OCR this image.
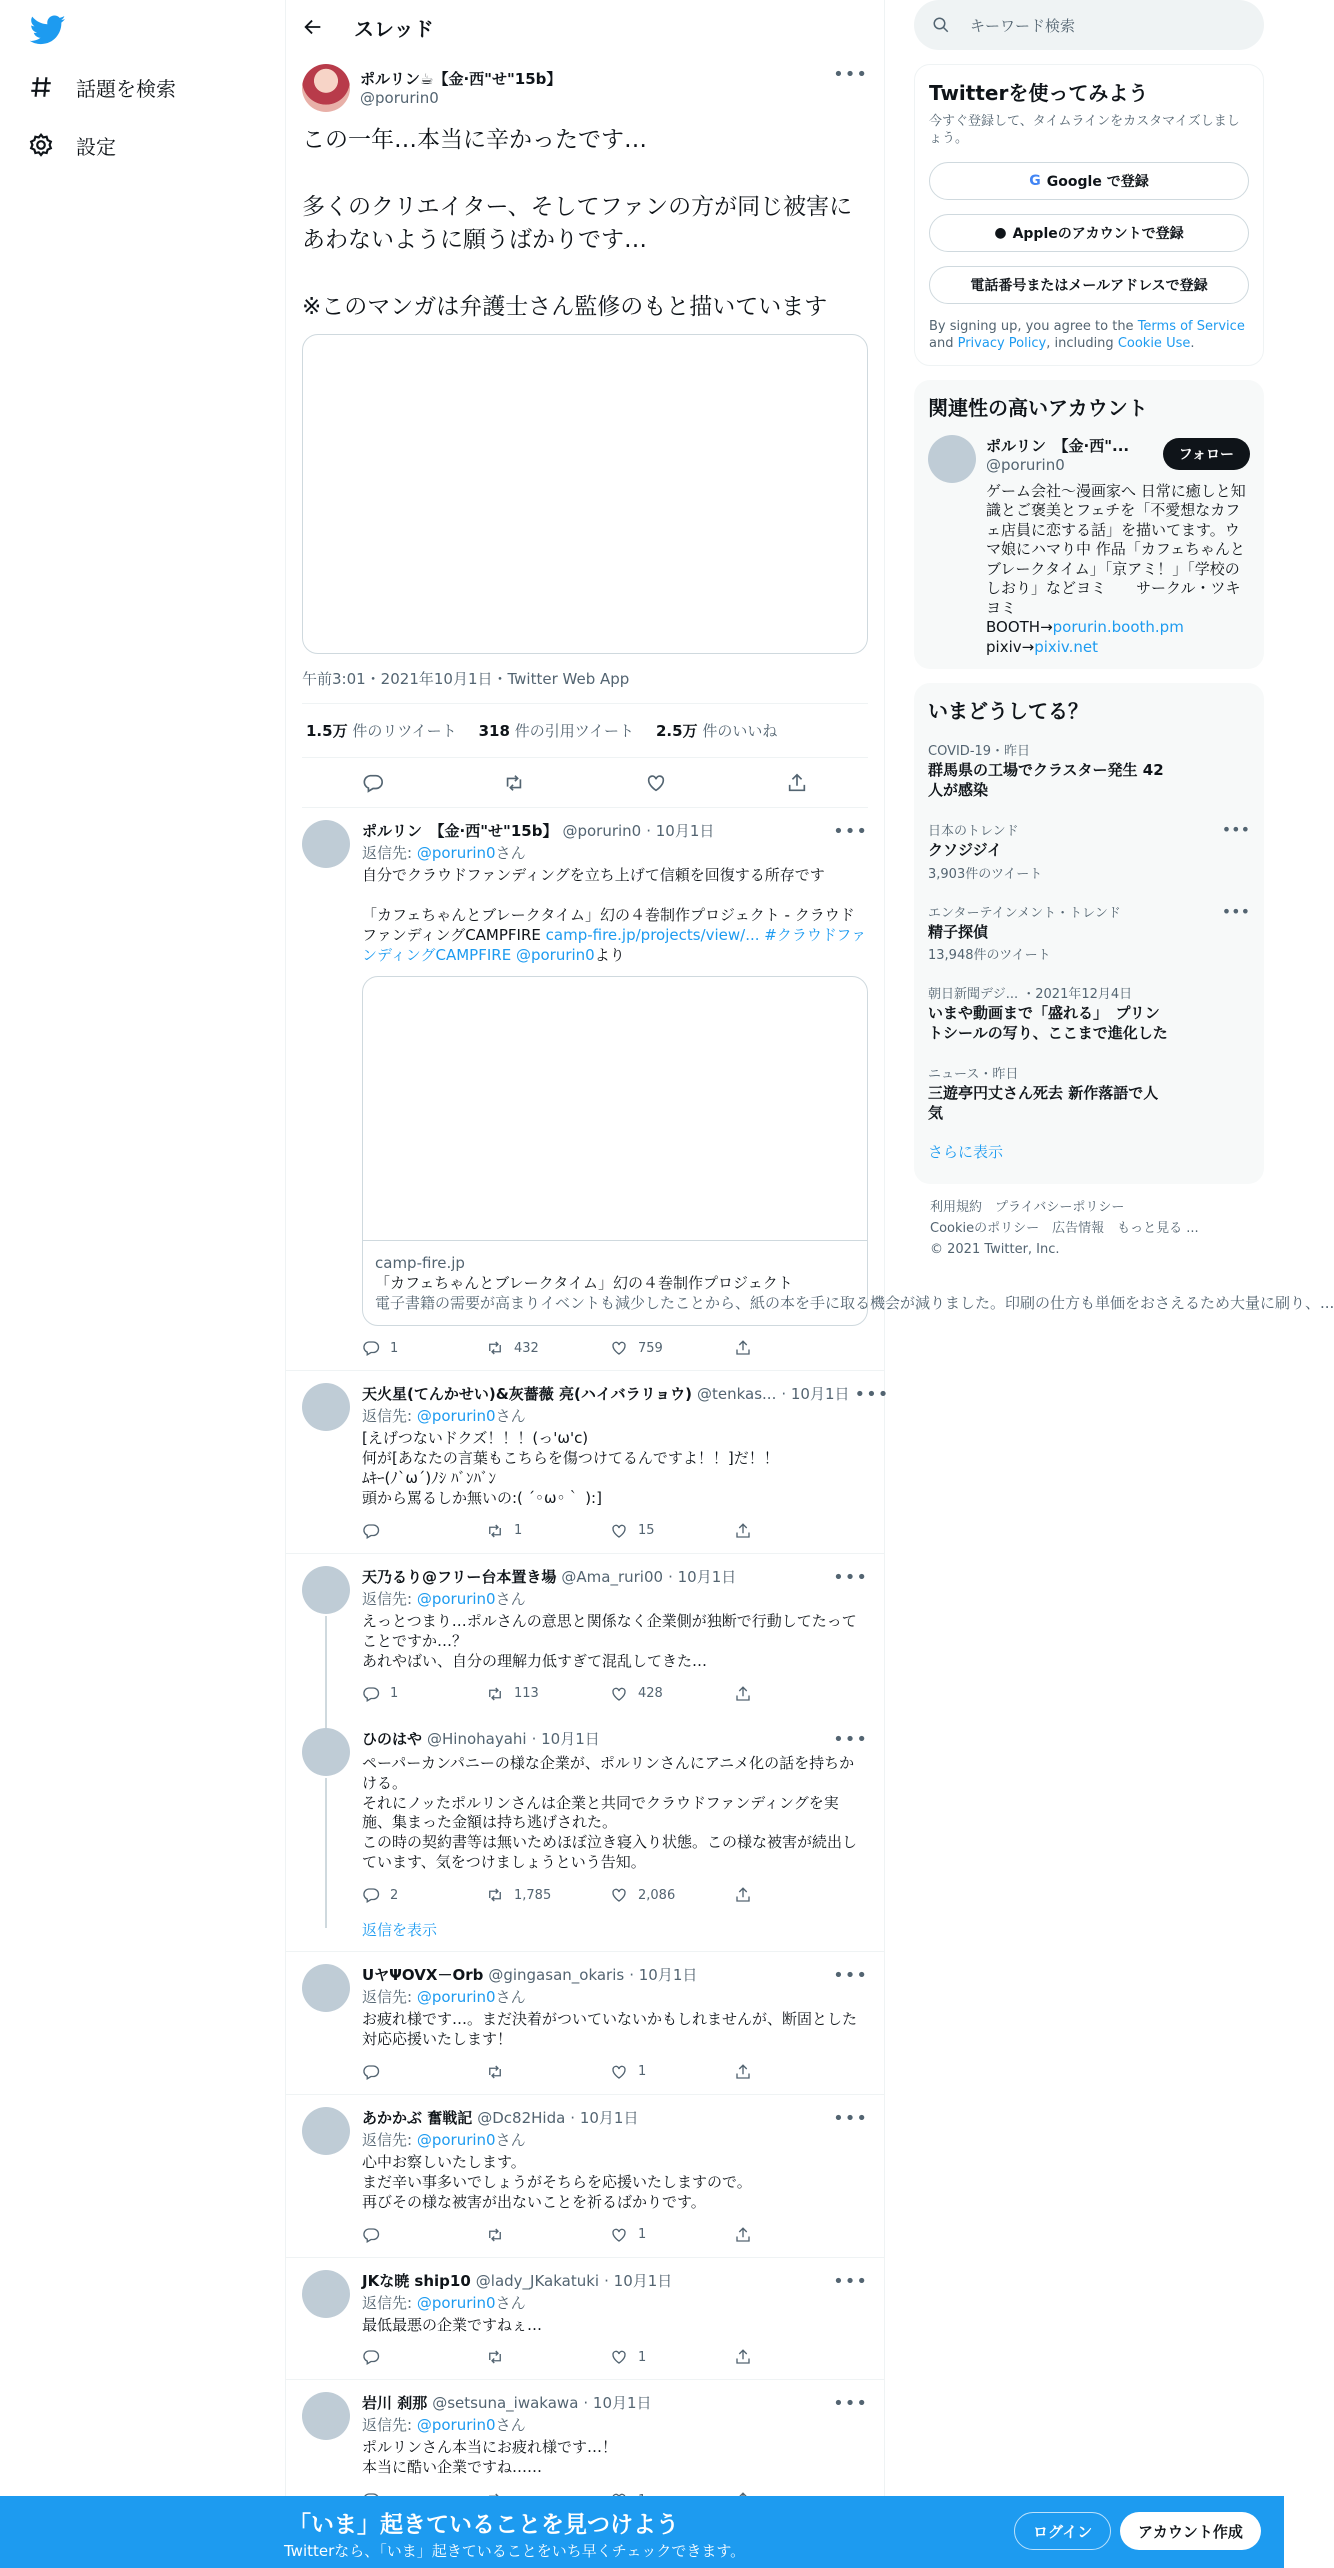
話題を検索
設定
スレッド
ポルリン☕【金·西"せ"15b】
@porurin0
•••
この一年…本当に辛かったです…

多くのクリエイター、そしてファンの方が同じ被害にあわないように願うばかりです…

※このマンガは弁護士さん監修のもと描いています
午前3:01・2021年10月1日・Twitter Web App
1.5万 件のリツイート 318 件の引用ツイート 2.5万 件のいいね
ポルリン　【金·西"せ"15b】 @porurin0 · 10月1日	•••
返信先: @porurin0さん
自分でクラウドファンディングを立ち上げて信頼を回復する所存です

「カフェちゃんとブレークタイム」幻の４巻制作プロジェクト - クラウドファンディングCAMPFIRE camp-fire.jp/projects/view/... #クラウドファンディングCAMPFIRE @porurin0より
camp-fire.jp
「カフェちゃんとブレークタイム」幻の４巻制作プロジェクト
電子書籍の需要が高まりイベントも減少したことから、紙の本を手に取る機会が減りました。印刷の仕方も単価をおさえるため大量に刷り、...
1	432	759
天火星(てんかせい)&灰薔薇 亮(ハイバラリョウ) @tenkas... · 10月1日 •••
返信先: @porurin0さん
[えげつないドクズ！！！(っ'ω'c)
何が[あなたの言葉もこちらを傷つけてるんですよ！！]だ！！
ﾑｷｰ(ﾉ`ω´)ﾉｼ ﾊﾞﾝﾊﾞﾝ
頭から罵るしか無いの:( ´◦ω◦｀ ):]
1	15
天乃るり@フリー台本置き場 @Ama_ruri00 · 10月1日	•••
返信先: @porurin0さん
えっとつまり…ポルさんの意思と関係なく企業側が独断で行動してたってことですか…？
あれやばい、自分の理解力低すぎて混乱してきた…
1	113	428
ひのはや @Hinohayahi · 10月1日	•••
ペーパーカンパニーの様な企業が、ポルリンさんにアニメ化の話を持ちかける。
それにノッたポルリンさんは企業と共同でクラウドファンディングを実施、集まった金額は持ち逃げされた。
この時の契約書等は無いためほぼ泣き寝入り状態。この様な被害が続出しています、気をつけましょうという告知。
2	1,785	2,086
返信を表示
UヤΨOVX－Orb @gingasan_okaris · 10月1日	•••
返信先: @porurin0さん
お疲れ様です…。まだ決着がついていないかもしれませんが、断固とした対応応援いたします！
1
あかかぶ 奮戦記 @Dc82Hida · 10月1日	•••
返信先: @porurin0さん
心中お察しいたします。
まだ辛い事多いでしょうがそちらを応援いたしますので。
再びその様な被害が出ないことを祈るばかりです。
1
JKな暁 ship10 @lady_JKakatuki · 10月1日	•••
返信先: @porurin0さん
最低最悪の企業ですねぇ…
1
岩川 刹那 @setsuna_iwakawa · 10月1日	•••
返信先: @porurin0さん
ポルリンさん本当にお疲れ様です…！
本当に酷い企業ですね……
キーワード検索
Twitterを使ってみよう
今すぐ登録して、タイムラインをカスタマイズしましょう。
G Google で登録
● Appleのアカウントで登録
電話番号またはメールアドレスで登録
By signing up, you agree to the Terms of Service and Privacy Policy, including Cookie Use.
関連性の高いアカウント
ポルリン　【金·西"...
@porurin0
フォロー
ゲーム会社～漫画家へ 日常に癒しと知識とご褒美とフェチを「不愛想なカフェ店員に恋する話」を描いてます。ウマ娘にハマり中 作品「カフェちゃんとブレークタイム」「京アミ！」「学校のしおり」などヨミ　　サークル・ツキヨミ
BOOTH→porurin.booth.pm
pixiv→pixiv.net
いまどうしてる？
COVID-19・昨日
群馬県の工場でクラスター発生 42人が感染
日本のトレンド
クソジジイ
3,903件のツイート
•••
エンターテインメント・トレンド
精子探偵
13,948件のツイート
•••
朝日新聞デジ... ・2021年12月4日
いまや動画まで「盛れる」　プリントシールの写り、ここまで進化した
ニュース・昨日
三遊亭円丈さん死去 新作落語で人気
さらに表示
利用規約　プライバシーポリシー
Cookieのポリシー　広告情報　もっと見る ...
© 2021 Twitter, Inc.
「いま」起きていることを見つけよう
Twitterなら、「いま」起きていることをいち早くチェックできます。
ログイン	アカウント作成
